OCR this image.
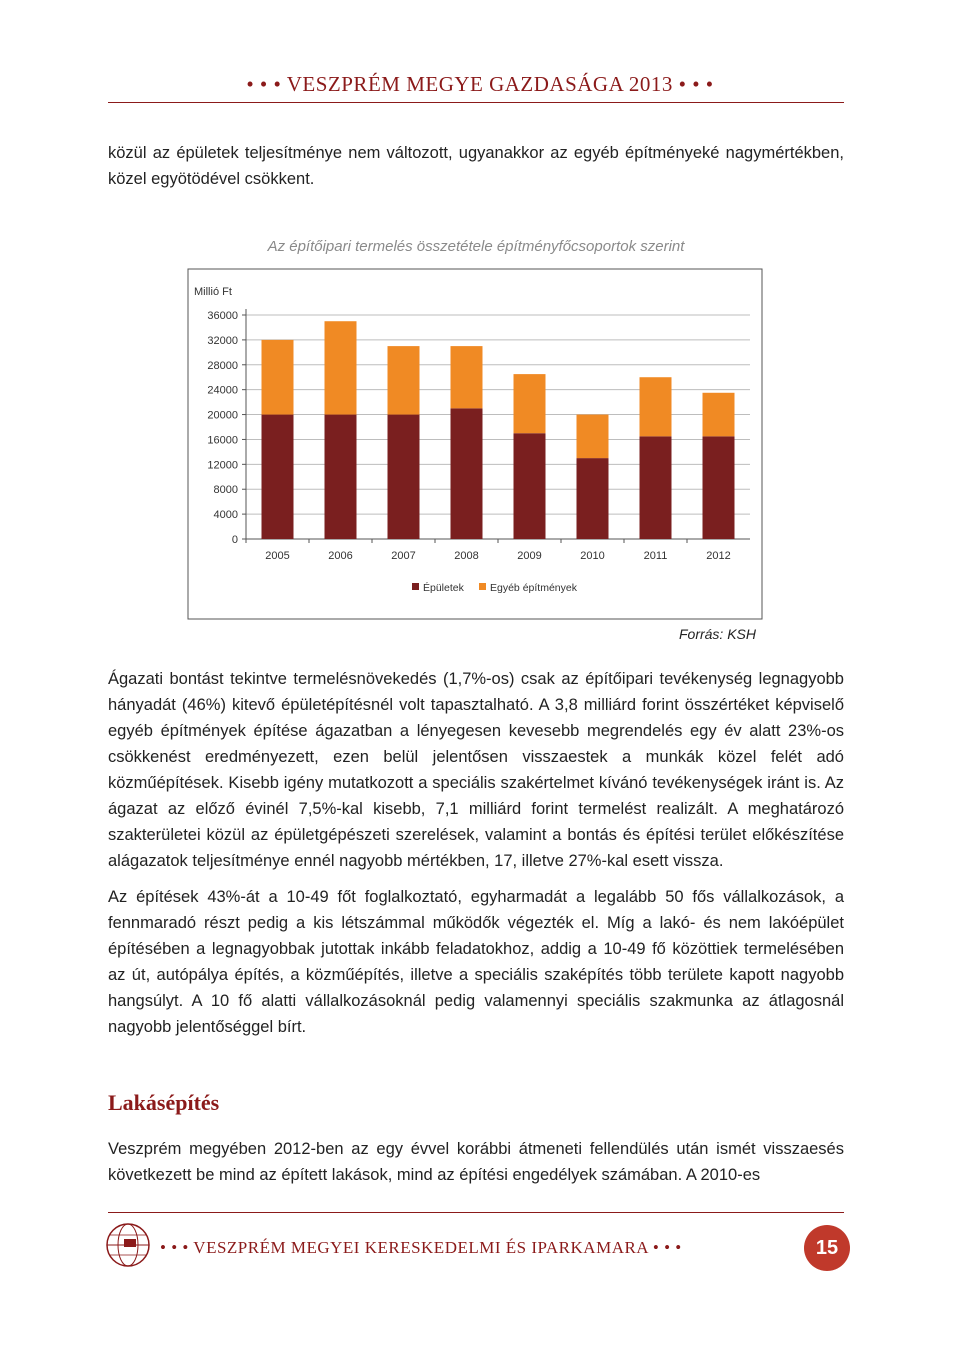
• • • VESZPRÉM MEGYE GAZDASÁGA 2013 • • •
közül az épületek teljesítménye nem változott, ugyanakkor az egyéb építményeké nagymértékben, közel egyötödével csökkent.
Az építőipari termelés összetétele építményfőcsoportok szerint
Millió Ft
36000
32000
28000
24000
20000
16000
12000
8000
4000
0
2005	2006	2007	2008	2009	2010	2011	2012
Épületek Egyéb építmények
Forrás: KSH
Ágazati bontást tekintve termelésnövekedés (1,7%-os) csak az építőipari tevékenység legnagyobb hányadát (46%) kitevő épületépítésnél volt tapasztalható. A 3,8 milliárd forint összértéket képviselő egyéb építmények építése ágazatban a lényegesen kevesebb megrendelés egy év alatt 23%-os csökkenést eredményezett, ezen belül jelentősen visszaestek a munkák közel felét adó közműépítések. Kisebb igény mutatkozott a speciális szakértelmet kívánó tevékenységek iránt is. Az ágazat az előző évinél 7,5%-kal kisebb, 7,1 milliárd forint termelést realizált. A meghatározó szakterületei közül az épületgépészeti szerelések, valamint a bontás és építési terület előkészítése alágazatok teljesítménye ennél nagyobb mértékben, 17, illetve 27%-kal esett vissza.
Az építések 43%-át a 10-49 főt foglalkoztató, egyharmadát a legalább 50 fős vállalkozások, a fennmaradó részt pedig a kis létszámmal működők végezték el. Míg a lakó- és nem lakóépület építésében a legnagyobbak jutottak inkább feladatokhoz, addig a 10-49 fő közöttiek termelésében az út, autópálya építés, a közműépítés, illetve a speciális szaképítés több területe kapott nagyobb hangsúlyt. A 10 fő alatti vállalkozásoknál pedig valamennyi speciális szakmunka az átlagosnál nagyobb jelentőséggel bírt.
Lakásépítés
Veszprém megyében 2012-ben az egy évvel korábbi átmeneti fellendülés után ismét visszaesés következett be mind az épített lakások, mind az építési engedélyek számában. A 2010-es
• • • VESZPRÉM MEGYEI KERESKEDELMI ÉS IPARKAMARA • • •	15
